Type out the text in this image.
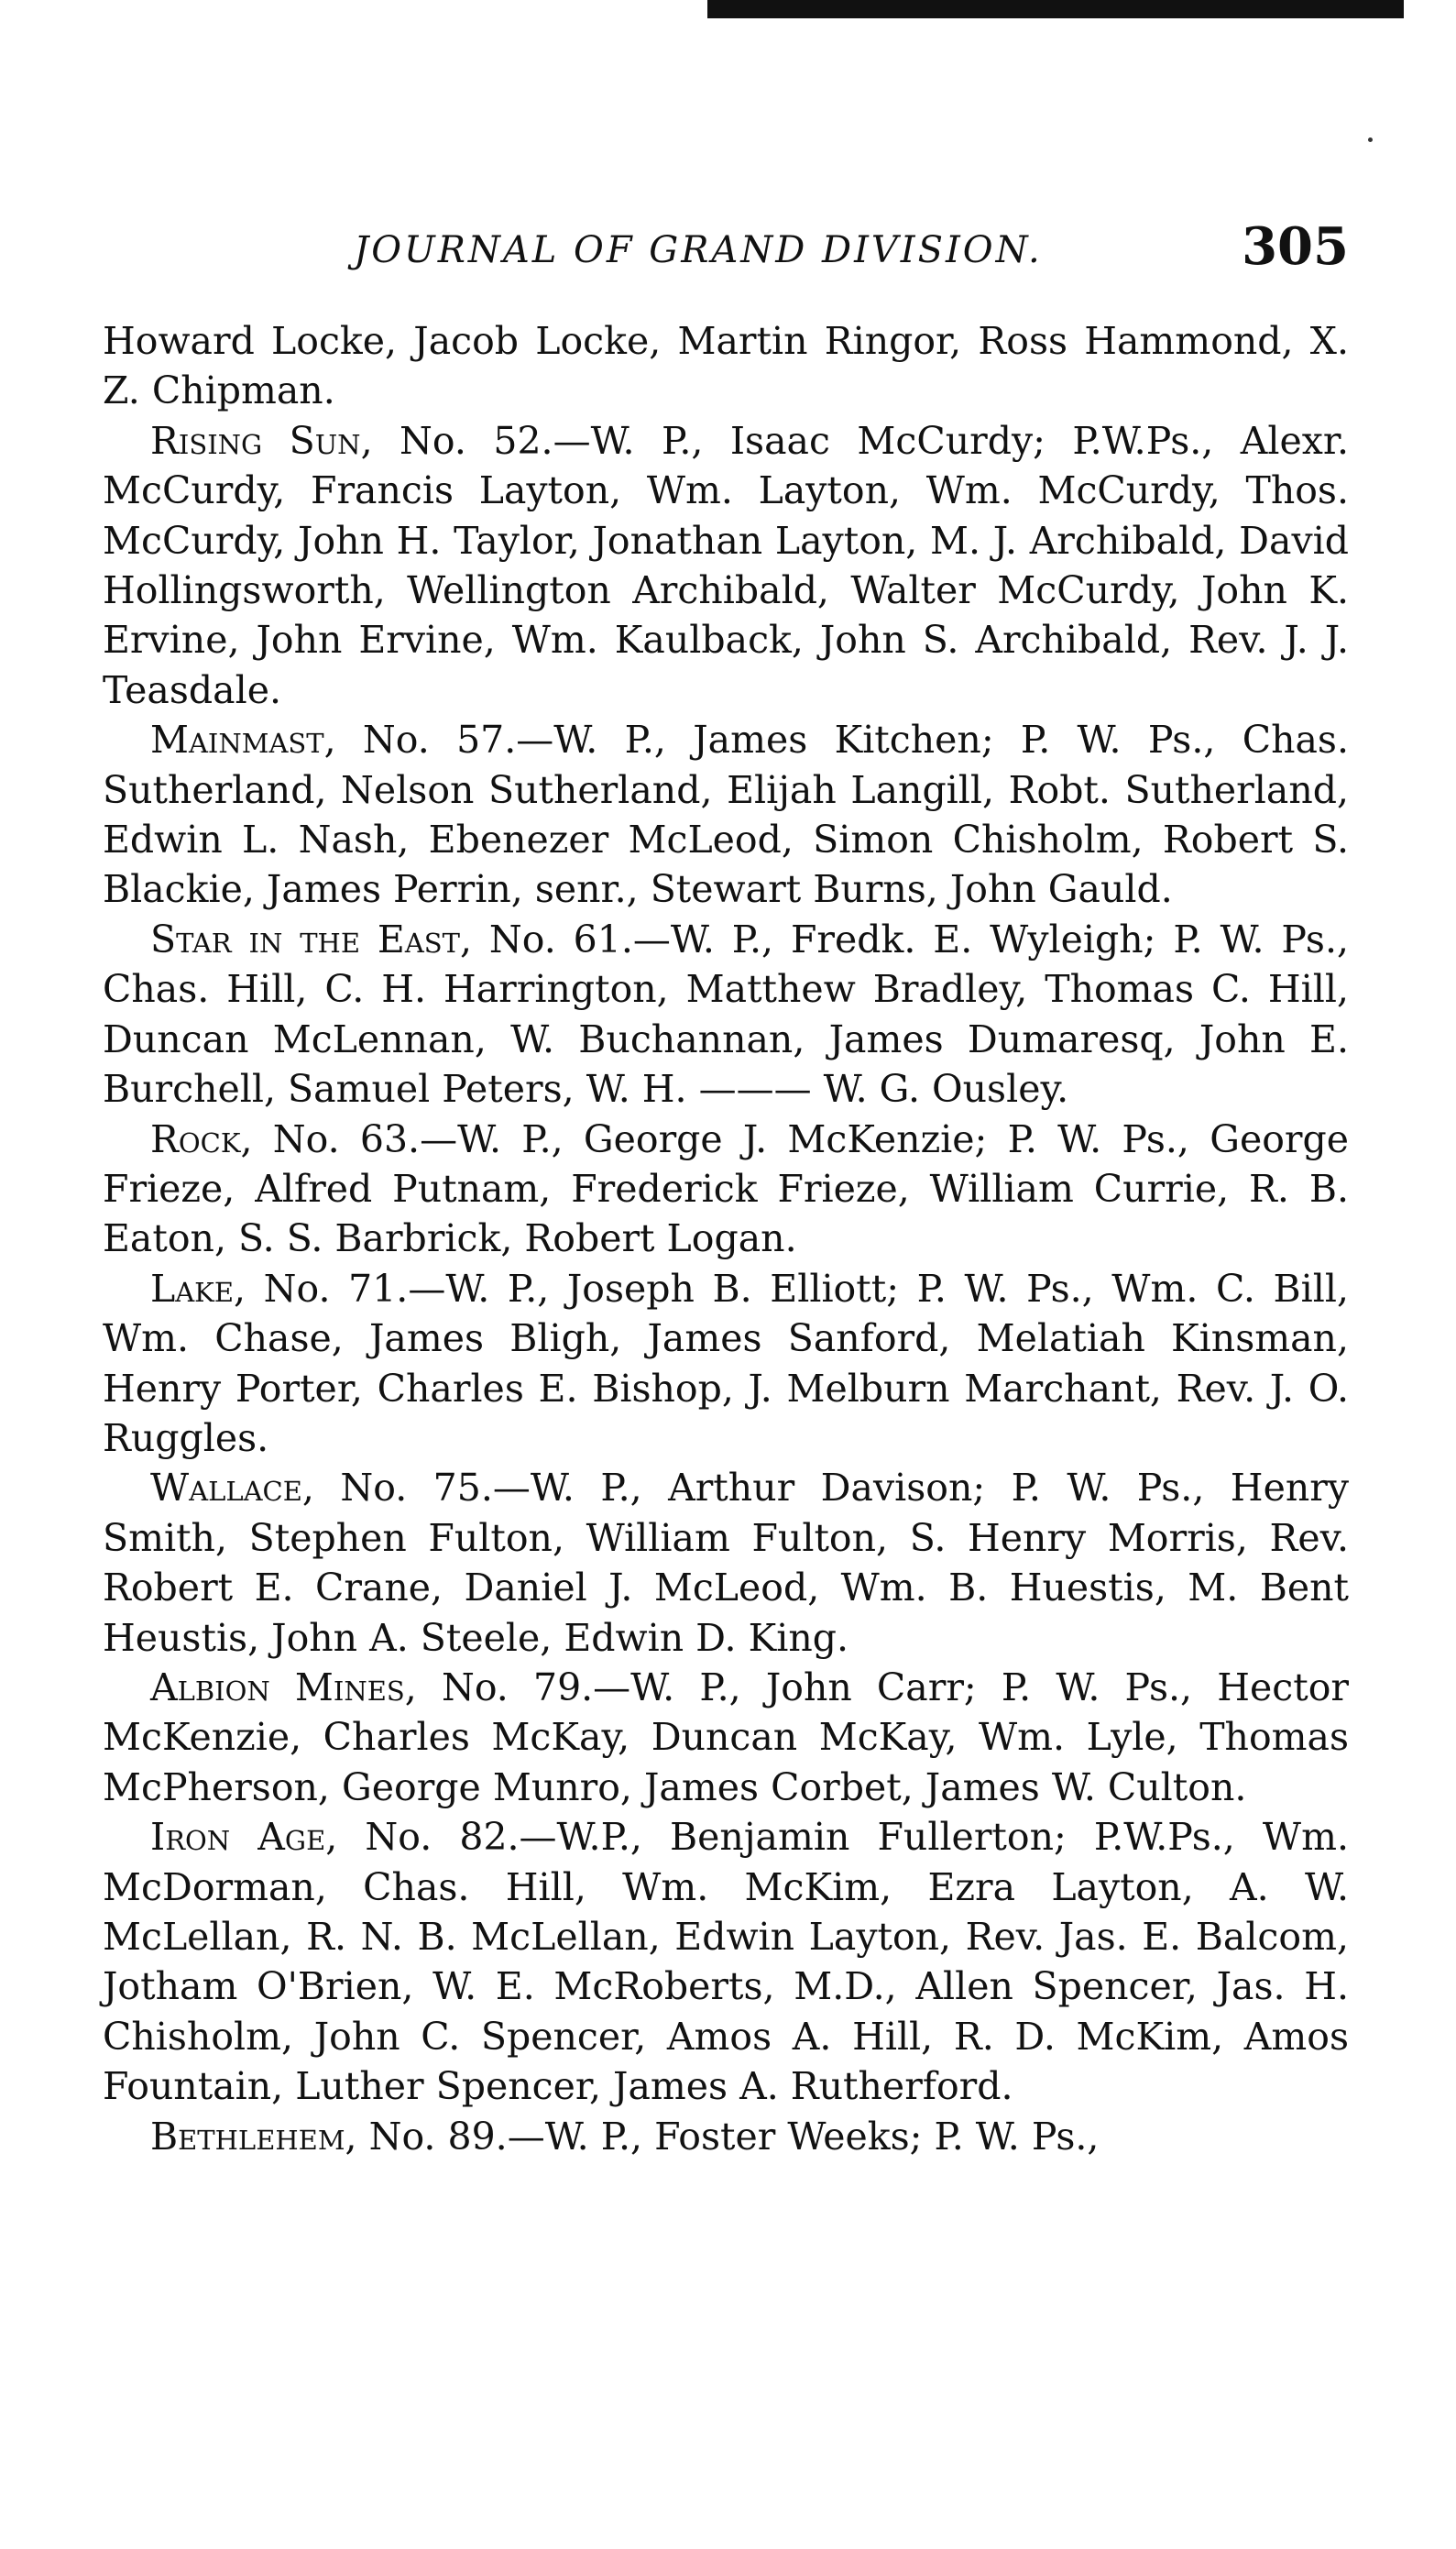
JOURNAL OF GRAND DIVISION.	305

Howard Locke, Jacob Locke, Martin Ringor, Ross Hammond, X. Z. Chipman.

Rising Sun, No. 52.—W. P., Isaac McCurdy; P.W.Ps., Alexr. McCurdy, Francis Layton, Wm. Layton, Wm. McCurdy, Thos. McCurdy, John H. Taylor, Jonathan Layton, M. J. Archibald, David Hollingsworth, Wellington Archibald, Walter McCurdy, John K. Ervine, John Ervine, Wm. Kaulback, John S. Archibald, Rev. J. J. Teasdale.

Mainmast, No. 57.—W. P., James Kitchen; P. W. Ps., Chas. Sutherland, Nelson Sutherland, Elijah Langill, Robt. Sutherland, Edwin L. Nash, Ebenezer McLeod, Simon Chisholm, Robert S. Blackie, James Perrin, senr., Stewart Burns, John Gauld.

Star in the East, No. 61.—W. P., Fredk. E. Wyleigh; P. W. Ps., Chas. Hill, C. H. Harrington, Matthew Bradley, Thomas C. Hill, Duncan McLennan, W. Buchannan, James Dumaresq, John E. Burchell, Samuel Peters, W. H. ——— W. G. Ousley.

Rock, No. 63.—W. P., George J. McKenzie; P. W. Ps., George Frieze, Alfred Putnam, Frederick Frieze, William Currie, R. B. Eaton, S. S. Barbrick, Robert Logan.

Lake, No. 71.—W. P., Joseph B. Elliott; P. W. Ps., Wm. C. Bill, Wm. Chase, James Bligh, James Sanford, Melatiah Kinsman, Henry Porter, Charles E. Bishop, J. Melburn Marchant, Rev. J. O. Ruggles.

Wallace, No. 75.—W. P., Arthur Davison; P. W. Ps., Henry Smith, Stephen Fulton, William Fulton, S. Henry Morris, Rev. Robert E. Crane, Daniel J. McLeod, Wm. B. Huestis, M. Bent Heustis, John A. Steele, Edwin D. King.

Albion Mines, No. 79.—W. P., John Carr; P. W. Ps., Hector McKenzie, Charles McKay, Duncan McKay, Wm. Lyle, Thomas McPherson, George Munro, James Corbet, James W. Culton.

Iron Age, No. 82.—W.P., Benjamin Fullerton; P.W.Ps., Wm. McDorman, Chas. Hill, Wm. McKim, Ezra Layton, A. W. McLellan, R. N. B. McLellan, Edwin Layton, Rev. Jas. E. Balcom, Jotham O'Brien, W. E. McRoberts, M.D., Allen Spencer, Jas. H. Chisholm, John C. Spencer, Amos A. Hill, R. D. McKim, Amos Fountain, Luther Spencer, James A. Rutherford.

Bethlehem, No. 89.—W. P., Foster Weeks; P. W. Ps.,
